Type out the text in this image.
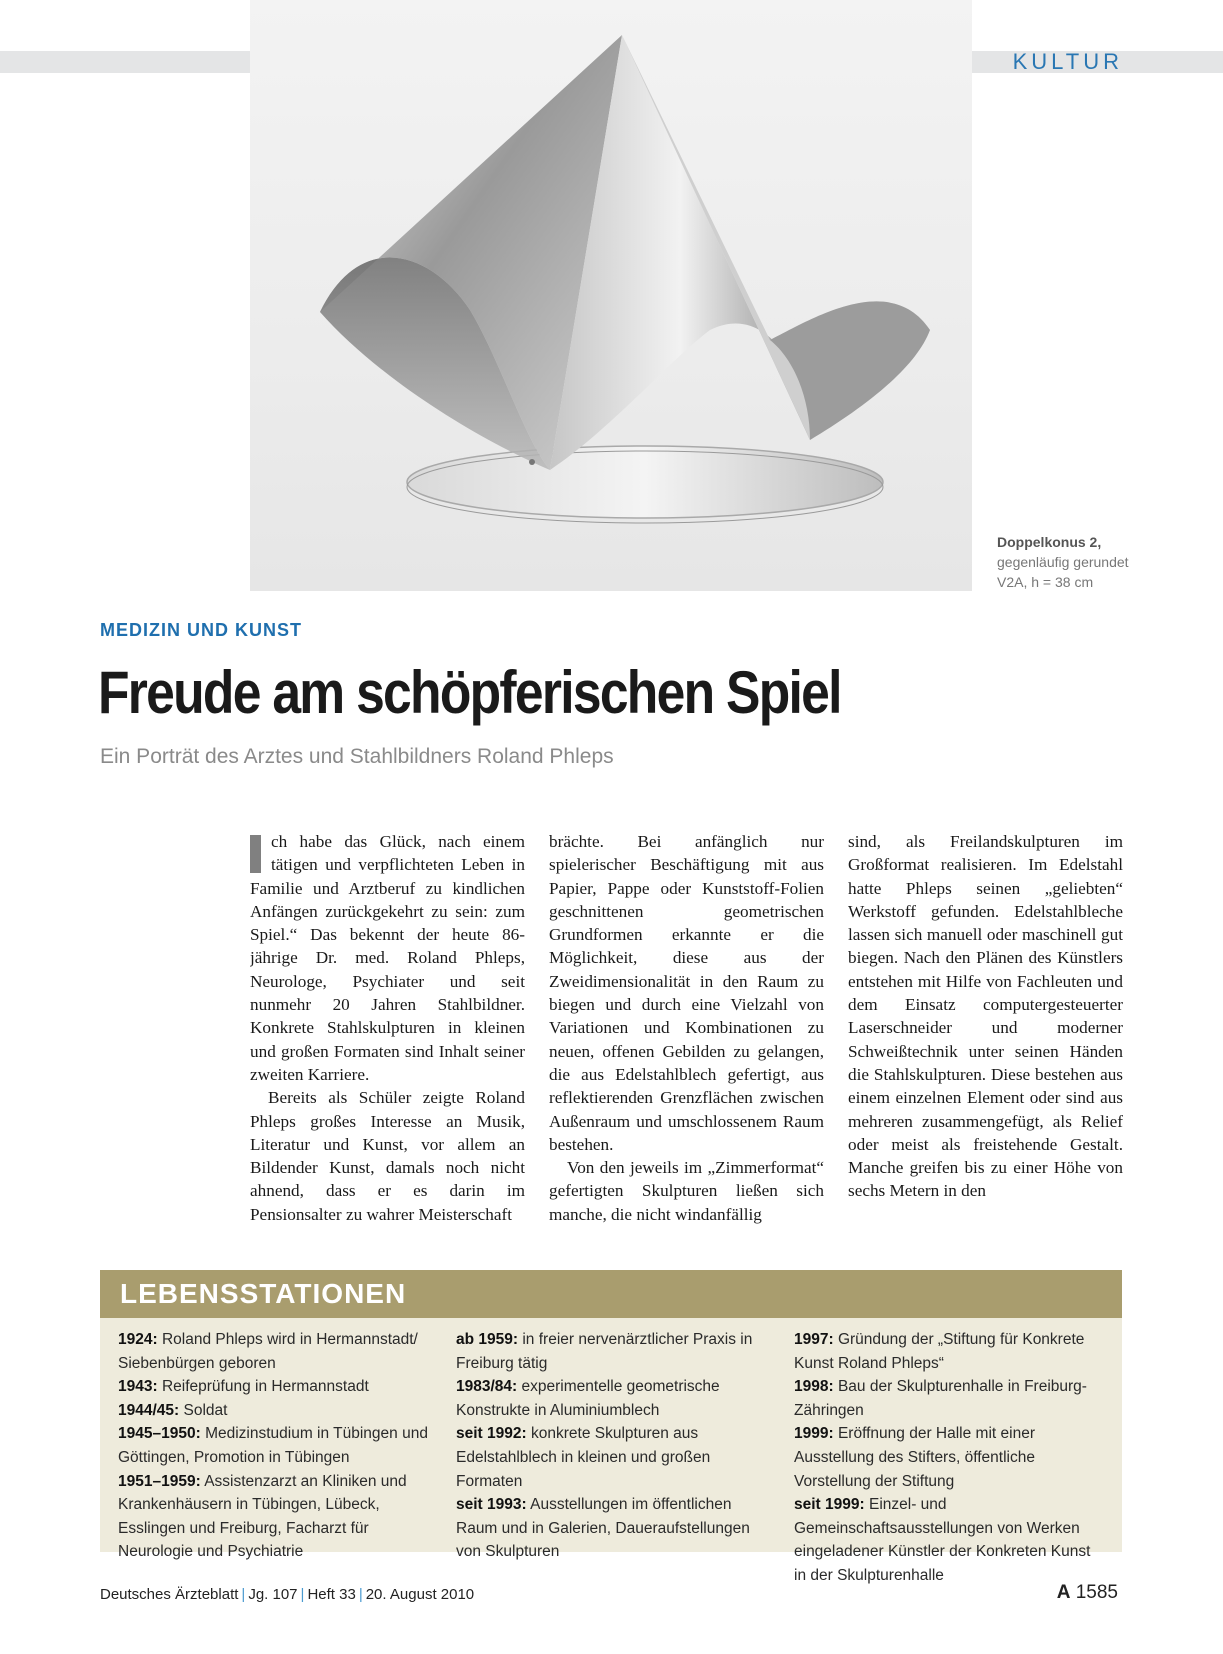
KULTUR
Doppelkonus 2,
gegenläufig gerundet
V2A, h = 38 cm
MEDIZIN UND KUNST
Freude am schöpferischen Spiel
Ein Porträt des Arztes und Stahlbildners Roland Phleps

ch habe das Glück, nach einem tätigen und verpflichteten Leben in Familie und Arztberuf zu kindlichen Anfängen zurückgekehrt zu sein: zum Spiel.“ Das bekennt der heute 86-jährige Dr. med. Roland Phleps, Neurologe, Psychiater und seit nunmehr 20 Jahren Stahlbildner. Konkrete Stahlskulpturen in kleinen und großen Formaten sind Inhalt seiner zweiten Karriere.

Bereits als Schüler zeigte Roland Phleps großes Interesse an Musik, Literatur und Kunst, vor allem an Bildender Kunst, damals noch nicht ahnend, dass er es darin im Pensionsalter zu wahrer Meisterschaft

brächte. Bei anfänglich nur spielerischer Beschäftigung mit aus Papier, Pappe oder Kunststoff-Folien geschnittenen geometrischen Grundformen erkannte er die Möglichkeit, diese aus der Zweidimensionalität in den Raum zu biegen und durch eine Vielzahl von Variationen und Kombinationen zu neuen, offenen Gebilden zu gelangen, die aus Edelstahlblech gefertigt, aus reflektierenden Grenzflächen zwischen Außenraum und umschlossenem Raum bestehen.

Von den jeweils im „Zimmerformat“ gefertigten Skulpturen ließen sich manche, die nicht windanfällig

sind, als Freilandskulpturen im Großformat realisieren. Im Edelstahl hatte Phleps seinen „geliebten“ Werkstoff gefunden. Edelstahlbleche lassen sich manuell oder maschinell gut biegen. Nach den Plänen des Künstlers entstehen mit Hilfe von Fachleuten und dem Einsatz computergesteuerter Laserschneider und moderner Schweißtechnik unter seinen Händen die Stahlskulpturen. Diese bestehen aus einem einzelnen Element oder sind aus mehreren zusammengefügt, als Relief oder meist als freistehende Gestalt. Manche greifen bis zu einer Höhe von sechs Metern in den

LEBENSSTATIONEN
1924: Roland Phleps wird in Hermannstadt/ Siebenbürgen geboren
1943: Reifeprüfung in Hermannstadt
1944/45: Soldat
1945–1950: Medizinstudium in Tübingen und Göttingen, Promotion in Tübingen
1951–1959: Assistenzarzt an Kliniken und Krankenhäusern in Tübingen, Lübeck, Esslingen und Freiburg, Facharzt für Neurologie und Psychiatrie
ab 1959: in freier nervenärztlicher Praxis in Freiburg tätig
1983/84: experimentelle geometrische Konstrukte in Aluminiumblech
seit 1992: konkrete Skulpturen aus Edelstahlblech in kleinen und großen Formaten
seit 1993: Ausstellungen im öffentlichen Raum und in Galerien, Daueraufstellungen von Skulpturen
1997: Gründung der „Stiftung für Konkrete Kunst Roland Phleps“
1998: Bau der Skulpturenhalle in Freiburg-Zähringen
1999: Eröffnung der Halle mit einer Ausstellung des Stifters, öffentliche Vorstellung der Stiftung
seit 1999: Einzel- und Gemeinschaftsausstellungen von Werken eingeladener Künstler der Konkreten Kunst in der Skulpturenhalle
Deutsches Ärzteblatt | Jg. 107 | Heft 33 | 20. August 2010	A 1585
